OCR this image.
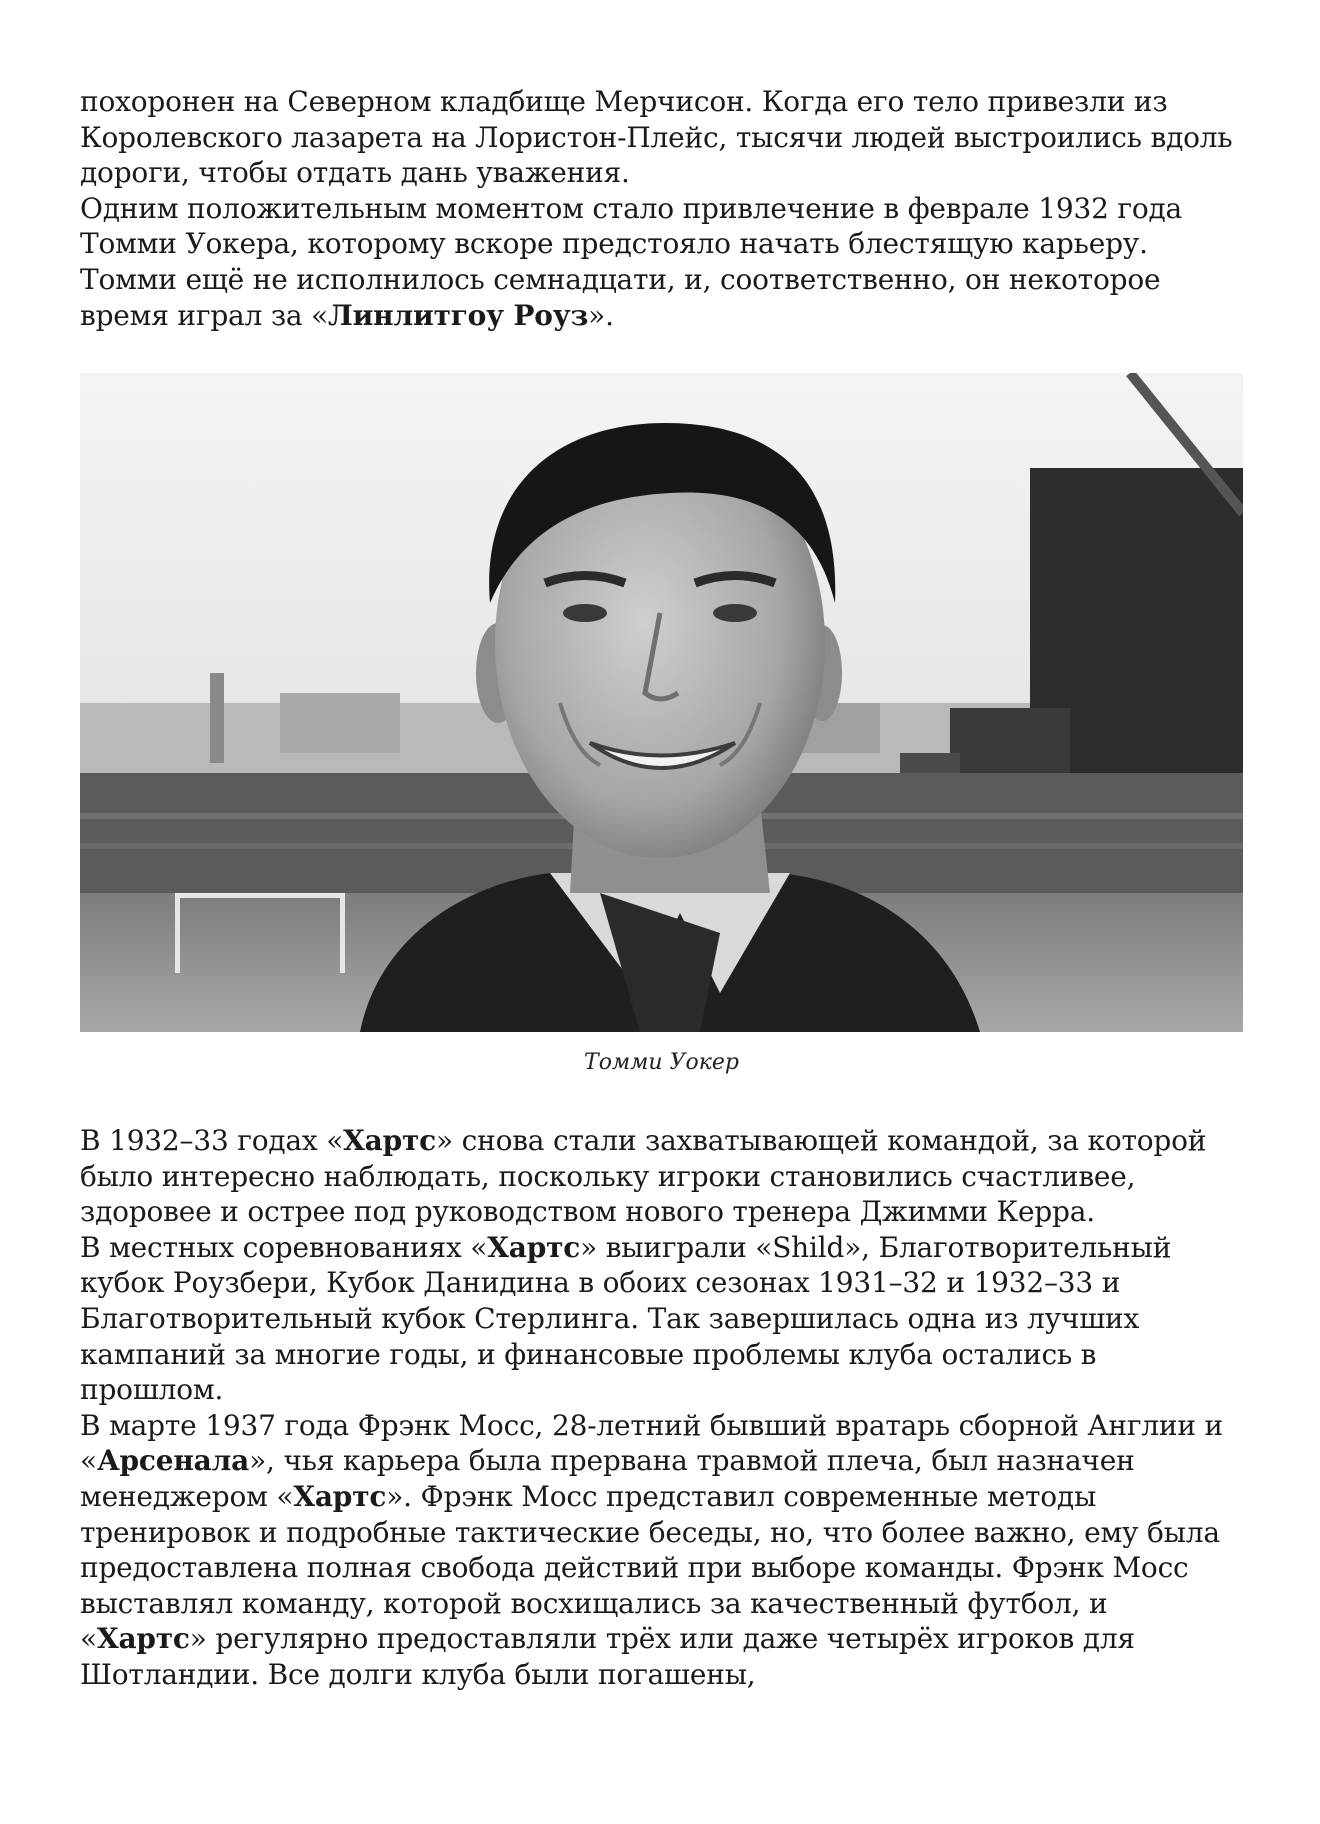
похоронен на Северном кладбище Мерчисон. Когда его тело привезли из Королевского лазарета на Лористон-Плейс, тысячи людей выстроились вдоль дороги, чтобы отдать дань уважения.

Одним положительным моментом стало привлечение в феврале 1932 года Томми Уокера, которому вскоре предстояло начать блестящую карьеру. Томми ещё не исполнилось семнадцати, и, соответственно, он некоторое время играл за «Линлитгоу Роуз».

Томми Уокер

В 1932–33 годах «Хартс» снова стали захватывающей командой, за которой было интересно наблюдать, поскольку игроки становились счастливее, здоровее и острее под руководством нового тренера Джимми Керра.

В местных соревнованиях «Хартс» выиграли «Shild», Благотворительный кубок Роузбери, Кубок Данидина в обоих сезонах 1931–32 и 1932–33 и Благотворительный кубок Стерлинга. Так завершилась одна из лучших кампаний за многие годы, и финансовые проблемы клуба остались в прошлом.

В марте 1937 года Фрэнк Мосс, 28-летний бывший вратарь сборной Англии и «Арсенала», чья карьера была прервана травмой плеча, был назначен менеджером «Хартс». Фрэнк Мосс представил современные методы тренировок и подробные тактические беседы, но, что более важно, ему была предоставлена полная свобода действий при выборе команды. Фрэнк Мосс выставлял команду, которой восхищались за качественный футбол, и «Хартс» регулярно предоставляли трёх или даже четырёх игроков для Шотландии. Все долги клуба были погашены,
